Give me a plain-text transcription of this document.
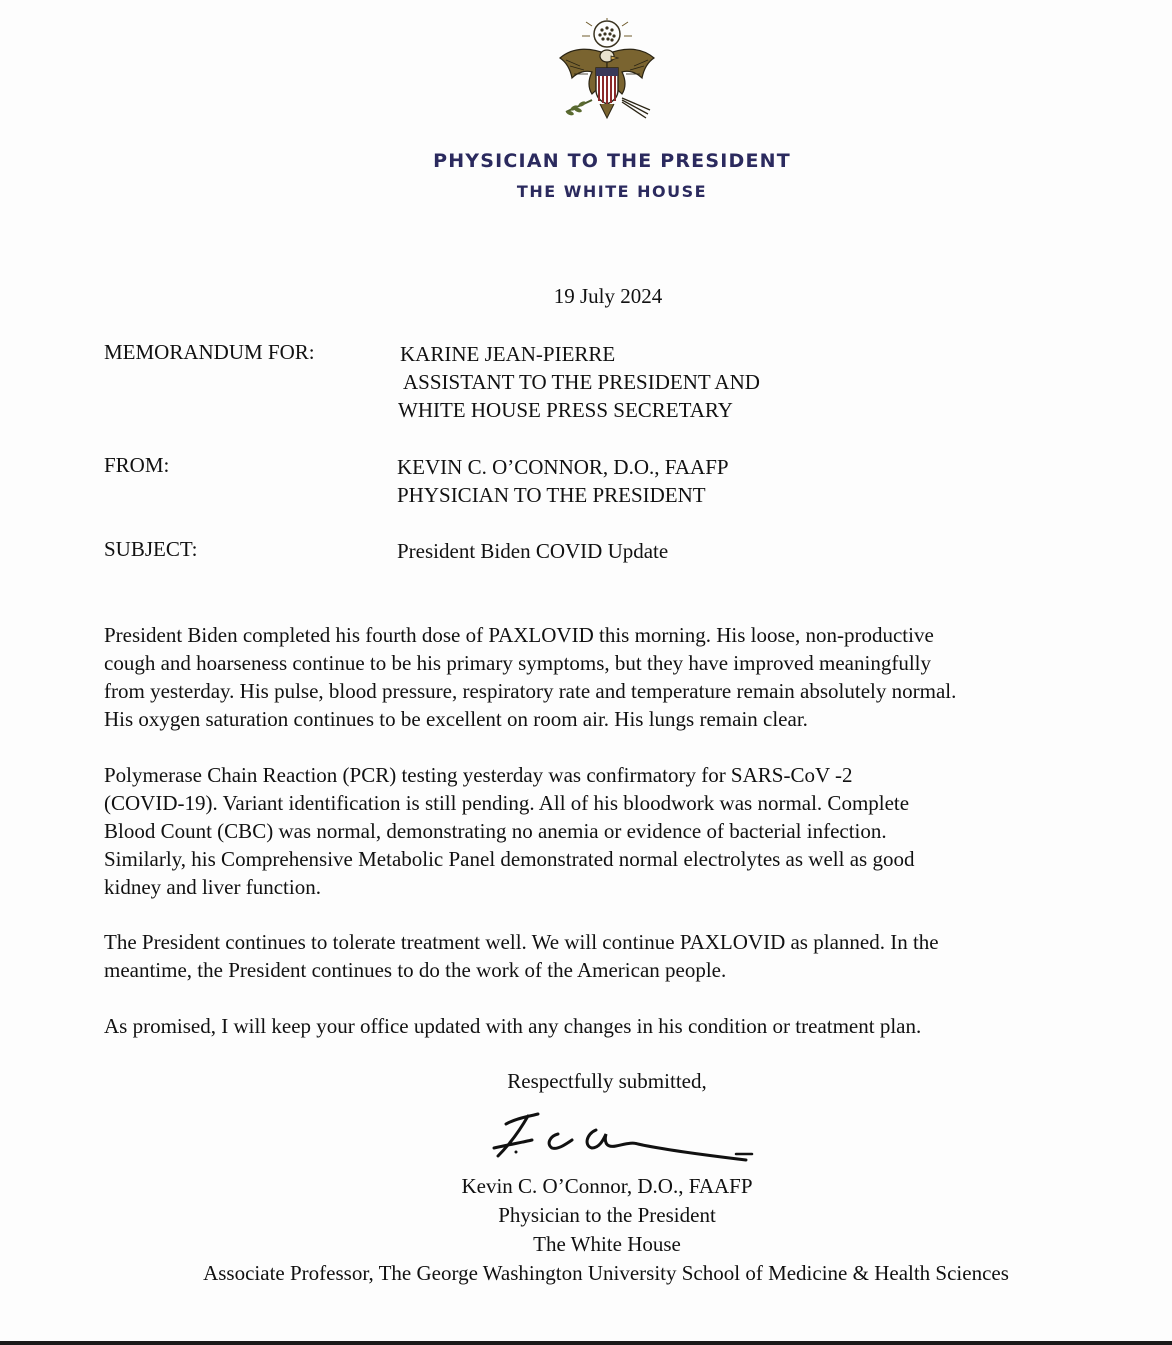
PHYSICIAN TO THE PRESIDENT
THE WHITE HOUSE
19 July 2024
MEMORANDUM FOR:	KARINE JEAN-PIERRE
ASSISTANT TO THE PRESIDENT AND
WHITE HOUSE PRESS SECRETARY
FROM:	KEVIN C. O’CONNOR, D.O., FAAFP
PHYSICIAN TO THE PRESIDENT
SUBJECT:	President Biden COVID Update

President Biden completed his fourth dose of PAXLOVID this morning. His loose, non-productive

cough and hoarseness continue to be his primary symptoms, but they have improved meaningfully

from yesterday. His pulse, blood pressure, respiratory rate and temperature remain absolutely normal.

His oxygen saturation continues to be excellent on room air. His lungs remain clear.

Polymerase Chain Reaction (PCR) testing yesterday was confirmatory for SARS-CoV -2

(COVID-19). Variant identification is still pending. All of his bloodwork was normal. Complete

Blood Count (CBC) was normal, demonstrating no anemia or evidence of bacterial infection.

Similarly, his Comprehensive Metabolic Panel demonstrated normal electrolytes as well as good

kidney and liver function.

The President continues to tolerate treatment well. We will continue PAXLOVID as planned. In the

meantime, the President continues to do the work of the American people.

As promised, I will keep your office updated with any changes in his condition or treatment plan.

Respectfully submitted,
Kevin C. O’Connor, D.O., FAAFP
Physician to the President
The White House
Associate Professor, The George Washington University School of Medicine & Health Sciences
